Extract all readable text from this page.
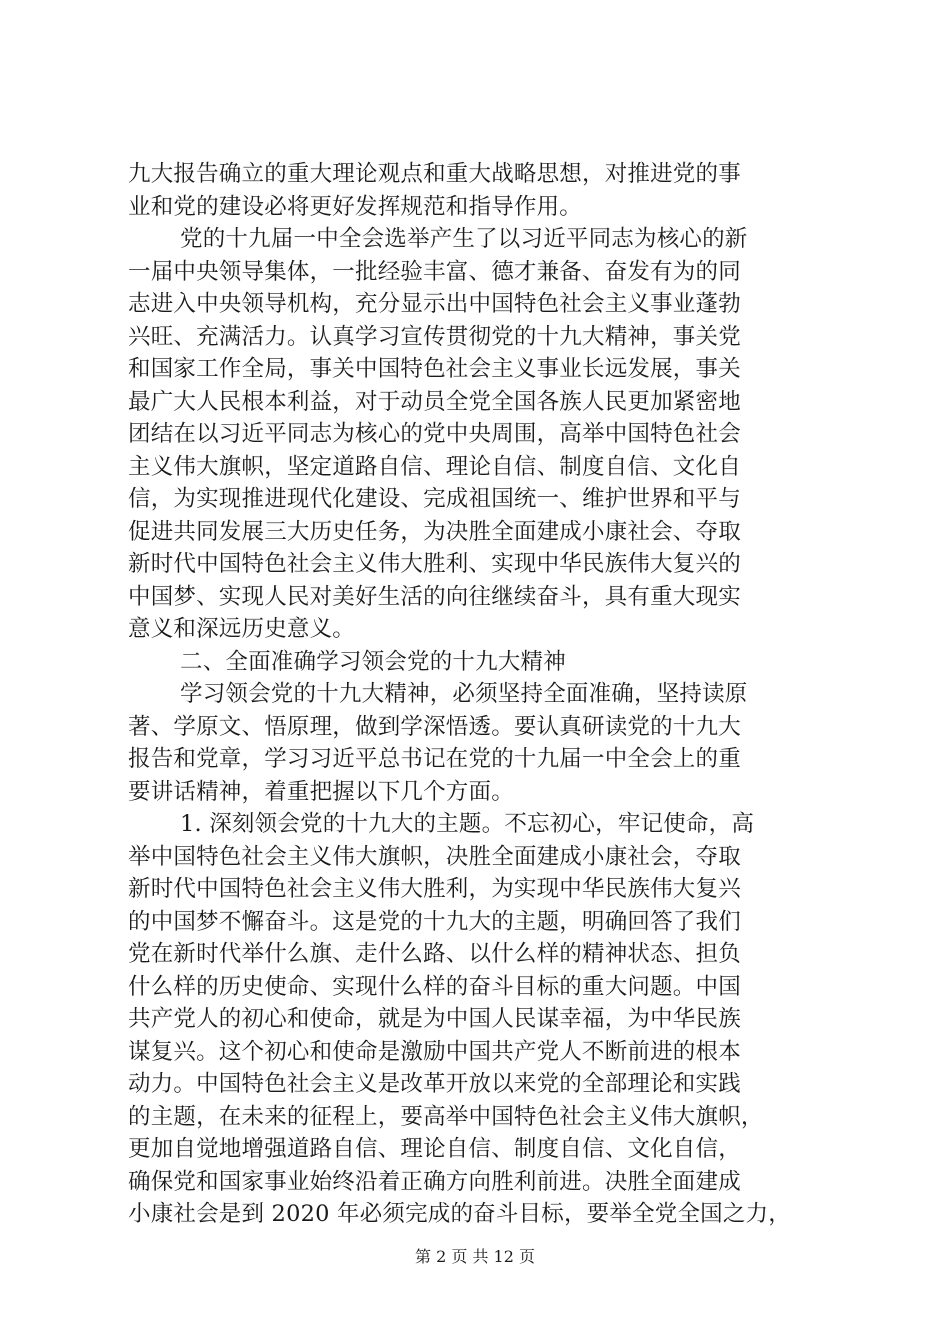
九大报告确立的重大理论观点和重大战略思想，对推进党的事
业和党的建设必将更好发挥规范和指导作用。
党的十九届一中全会选举产生了以习近平同志为核心的新
一届中央领导集体，一批经验丰富、德才兼备、奋发有为的同
志进入中央领导机构，充分显示出中国特色社会主义事业蓬勃
兴旺、充满活力。认真学习宣传贯彻党的十九大精神，事关党
和国家工作全局，事关中国特色社会主义事业长远发展，事关
最广大人民根本利益，对于动员全党全国各族人民更加紧密地
团结在以习近平同志为核心的党中央周围，高举中国特色社会
主义伟大旗帜，坚定道路自信、理论自信、制度自信、文化自
信，为实现推进现代化建设、完成祖国统一、维护世界和平与
促进共同发展三大历史任务，为决胜全面建成小康社会、夺取
新时代中国特色社会主义伟大胜利、实现中华民族伟大复兴的
中国梦、实现人民对美好生活的向往继续奋斗，具有重大现实
意义和深远历史意义。
二、全面准确学习领会党的十九大精神
学习领会党的十九大精神，必须坚持全面准确，坚持读原
著、学原文、悟原理，做到学深悟透。要认真研读党的十九大
报告和党章，学习习近平总书记在党的十九届一中全会上的重
要讲话精神，着重把握以下几个方面。
1. 深刻领会党的十九大的主题。不忘初心，牢记使命，高
举中国特色社会主义伟大旗帜，决胜全面建成小康社会，夺取
新时代中国特色社会主义伟大胜利，为实现中华民族伟大复兴
的中国梦不懈奋斗。这是党的十九大的主题，明确回答了我们
党在新时代举什么旗、走什么路、以什么样的精神状态、担负
什么样的历史使命、实现什么样的奋斗目标的重大问题。中国
共产党人的初心和使命，就是为中国人民谋幸福，为中华民族
谋复兴。这个初心和使命是激励中国共产党人不断前进的根本
动力。中国特色社会主义是改革开放以来党的全部理论和实践
的主题，在未来的征程上，要高举中国特色社会主义伟大旗帜，
更加自觉地增强道路自信、理论自信、制度自信、文化自信，
确保党和国家事业始终沿着正确方向胜利前进。决胜全面建成
小康社会是到 2020 年必须完成的奋斗目标，要举全党全国之力，
第 2 页 共 12 页
